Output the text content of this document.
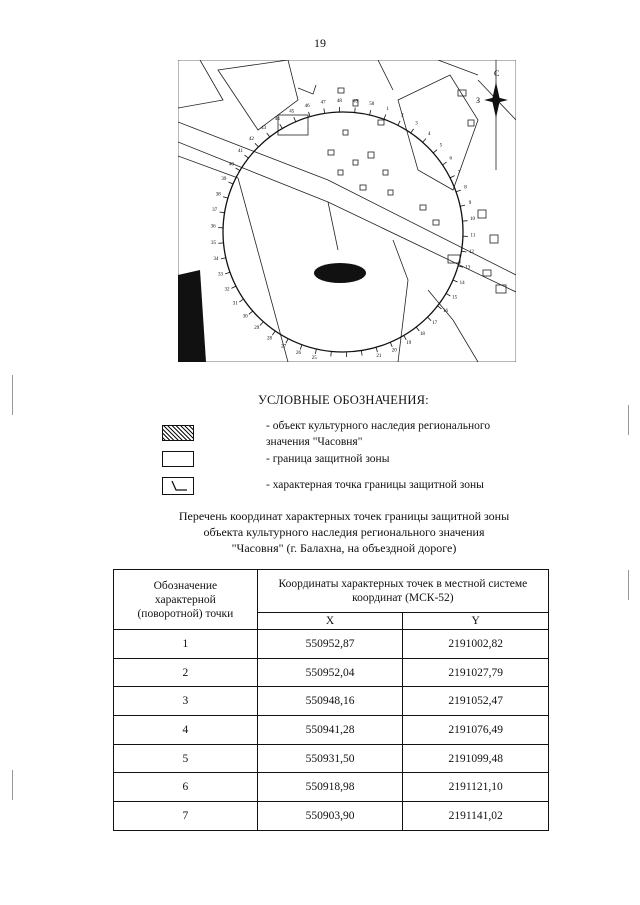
19
С
З
1
2
3
4
5
6
7
8
9
10
11
12
13
14
15
16
17
18
19
20
21
25
26
27
28
29
30
31
32
33
34
35
36
37
38
39
40
41
42
43
44
45
46
47 48 49
50
УСЛОВНЫЕ ОБОЗНАЧЕНИЯ:
- объект культурного наследия регионального
значения "Часовня"
- граница защитной зоны
- характерная точка границы защитной зоны
Перечень координат характерных точек границы защитной зоны
объекта культурного наследия регионального значения
"Часовня" (г. Балахна, на объездной дороге)
Обозначение характерной (поворотной) точки	Координаты характерных точек в местной системе координат (МСК-52)	
	X	Y
1	550952,87	2191002,82
2	550952,04	2191027,79
3	550948,16	2191052,47
4	550941,28	2191076,49
5	550931,50	2191099,48
6	550918,98	2191121,10
7	550903,90	2191141,02
